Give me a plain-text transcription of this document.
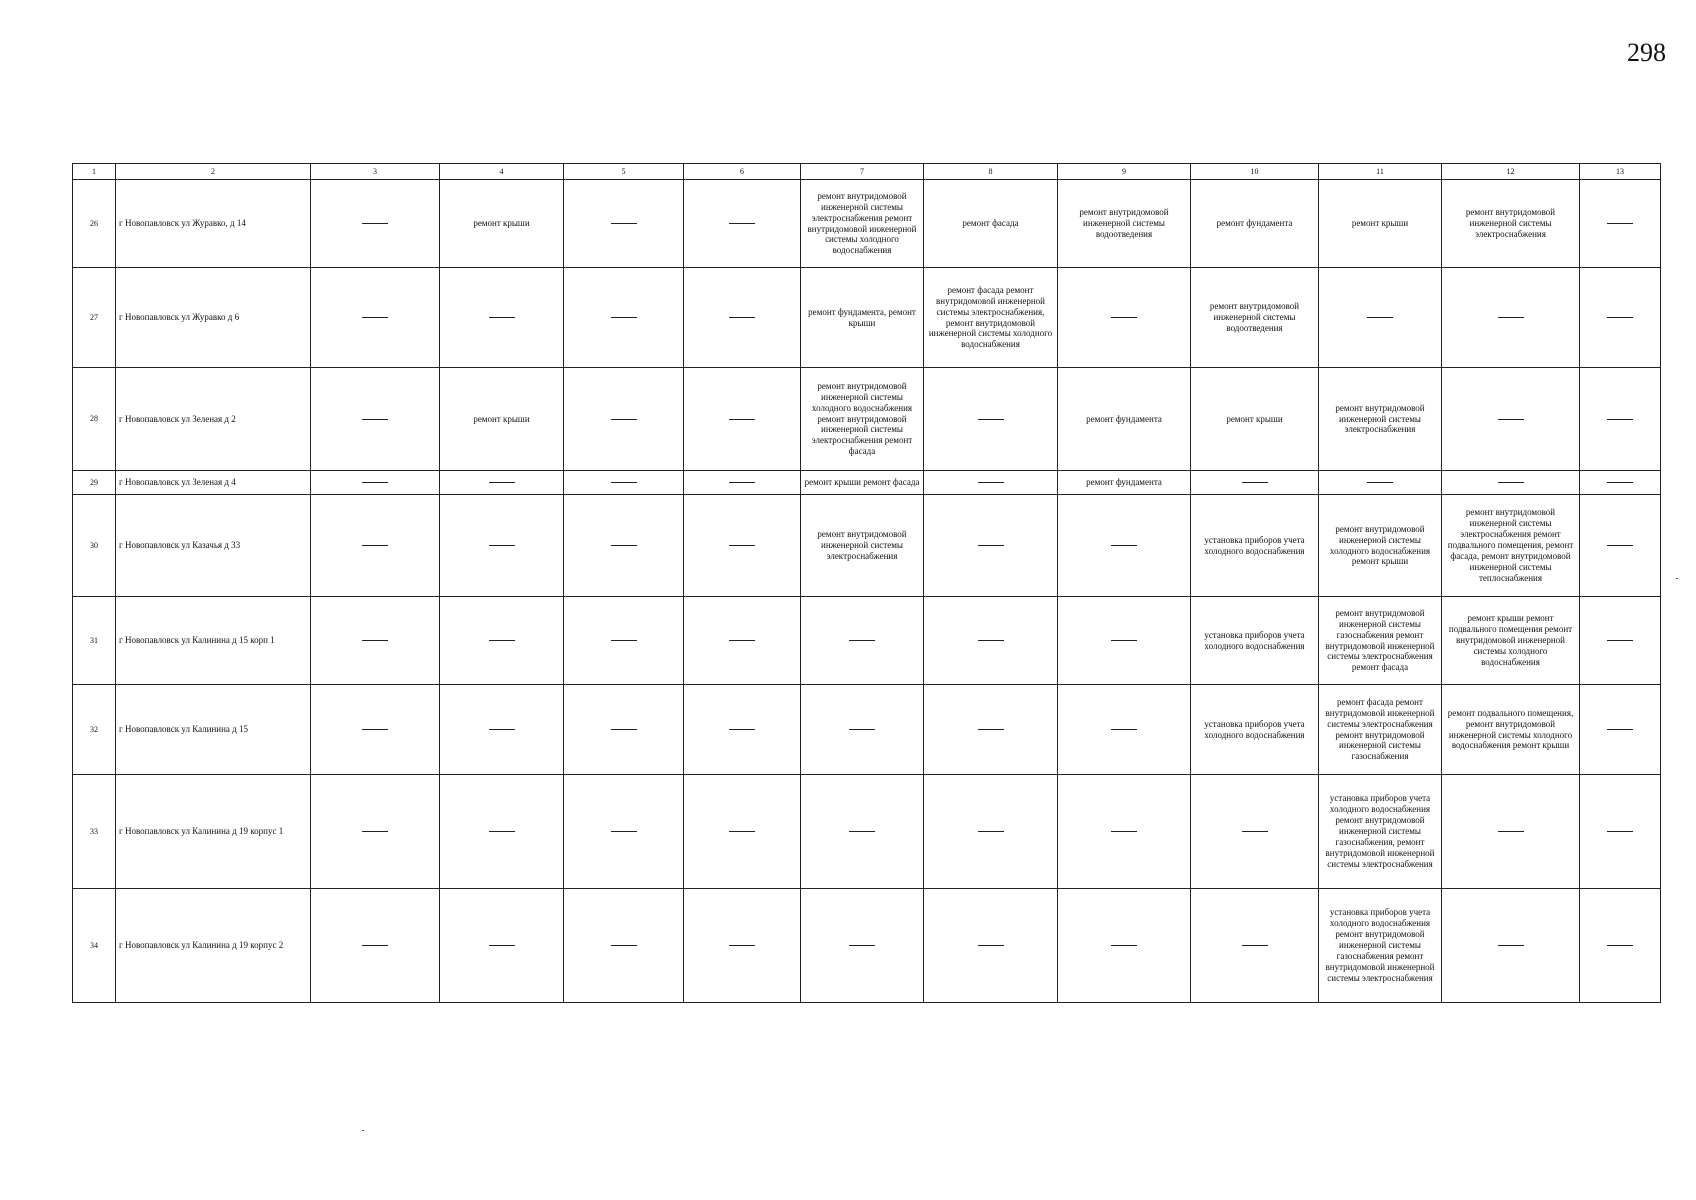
298
1	2	3	4	5	6	7	8	9	10	11	12	13
26	г Новопавловск ул Журавко, д 14		ремонт крыши			ремонт внутридомовой инженерной системы электроснабжения ремонт внутридомовой инженерной системы холодного водоснабжения	ремонт фасада	ремонт внутридомовой инженерной системы водоотведения	ремонт фундамента	ремонт крыши	ремонт внутридомовой инженерной системы электроснабжения	
27	г Новопавловск ул Журавко д 6					ремонт фундамента, ремонт крыши	ремонт фасада ремонт внутридомовой инженерной системы электроснабжения, ремонт внутридомовой инженерной системы холодного водоснабжения		ремонт внутридомовой инженерной системы водоотведения			
28	г Новопавловск ул Зеленая д 2		ремонт крыши			ремонт внутридомовой инженерной системы холодного водоснабжения ремонт внутридомовой инженерной системы электроснабжения ремонт фасада		ремонт фундамента	ремонт крыши	ремонт внутридомовой инженерной системы электроснабжения		
29	г Новопавловск ул Зеленая д 4					ремонт крыши ремонт фасада		ремонт фундамента				
30	г Новопавловск ул Казачья д 33					ремонт внутридомовой инженерной системы электроснабжения			установка приборов учета холодного водоснабжения	ремонт внутридомовой инженерной системы холодного водоснабжения ремонт крыши	ремонт внутридомовой инженерной системы электроснабжения ремонт подвального помещения, ремонт фасада, ремонт внутридомовой инженерной системы теплоснабжения	
31	г Новопавловск ул Калинина д 15 корп 1								установка приборов учета холодного водоснабжения	ремонт внутридомовой инженерной системы газоснабжения ремонт внутридомовой инженерной системы электроснабжения ремонт фасада	ремонт крыши ремонт подвального помещения ремонт внутридомовой инженерной системы холодного водоснабжения	
32	г Новопавловск ул Калинина д 15								установка приборов учета холодного водоснабжения	ремонт фасада ремонт внутридомовой инженерной системы электроснабжения ремонт внутридомовой инженерной системы газоснабжения	ремонт подвального помещения, ремонт внутридомовой инженерной системы холодного водоснабжения ремонт крыши	
33	г Новопавловск ул Калинина д 19 корпус 1									установка приборов учета холодного водоснабжения ремонт внутридомовой инженерной системы газоснабжения, ремонт внутридомовой инженерной системы электроснабжения		
34	г Новопавловск ул Калинина д 19 корпус 2									установка приборов учета холодного водоснабжения ремонт внутридомовой инженерной системы газоснабжения ремонт внутридомовой инженерной системы электроснабжения		
